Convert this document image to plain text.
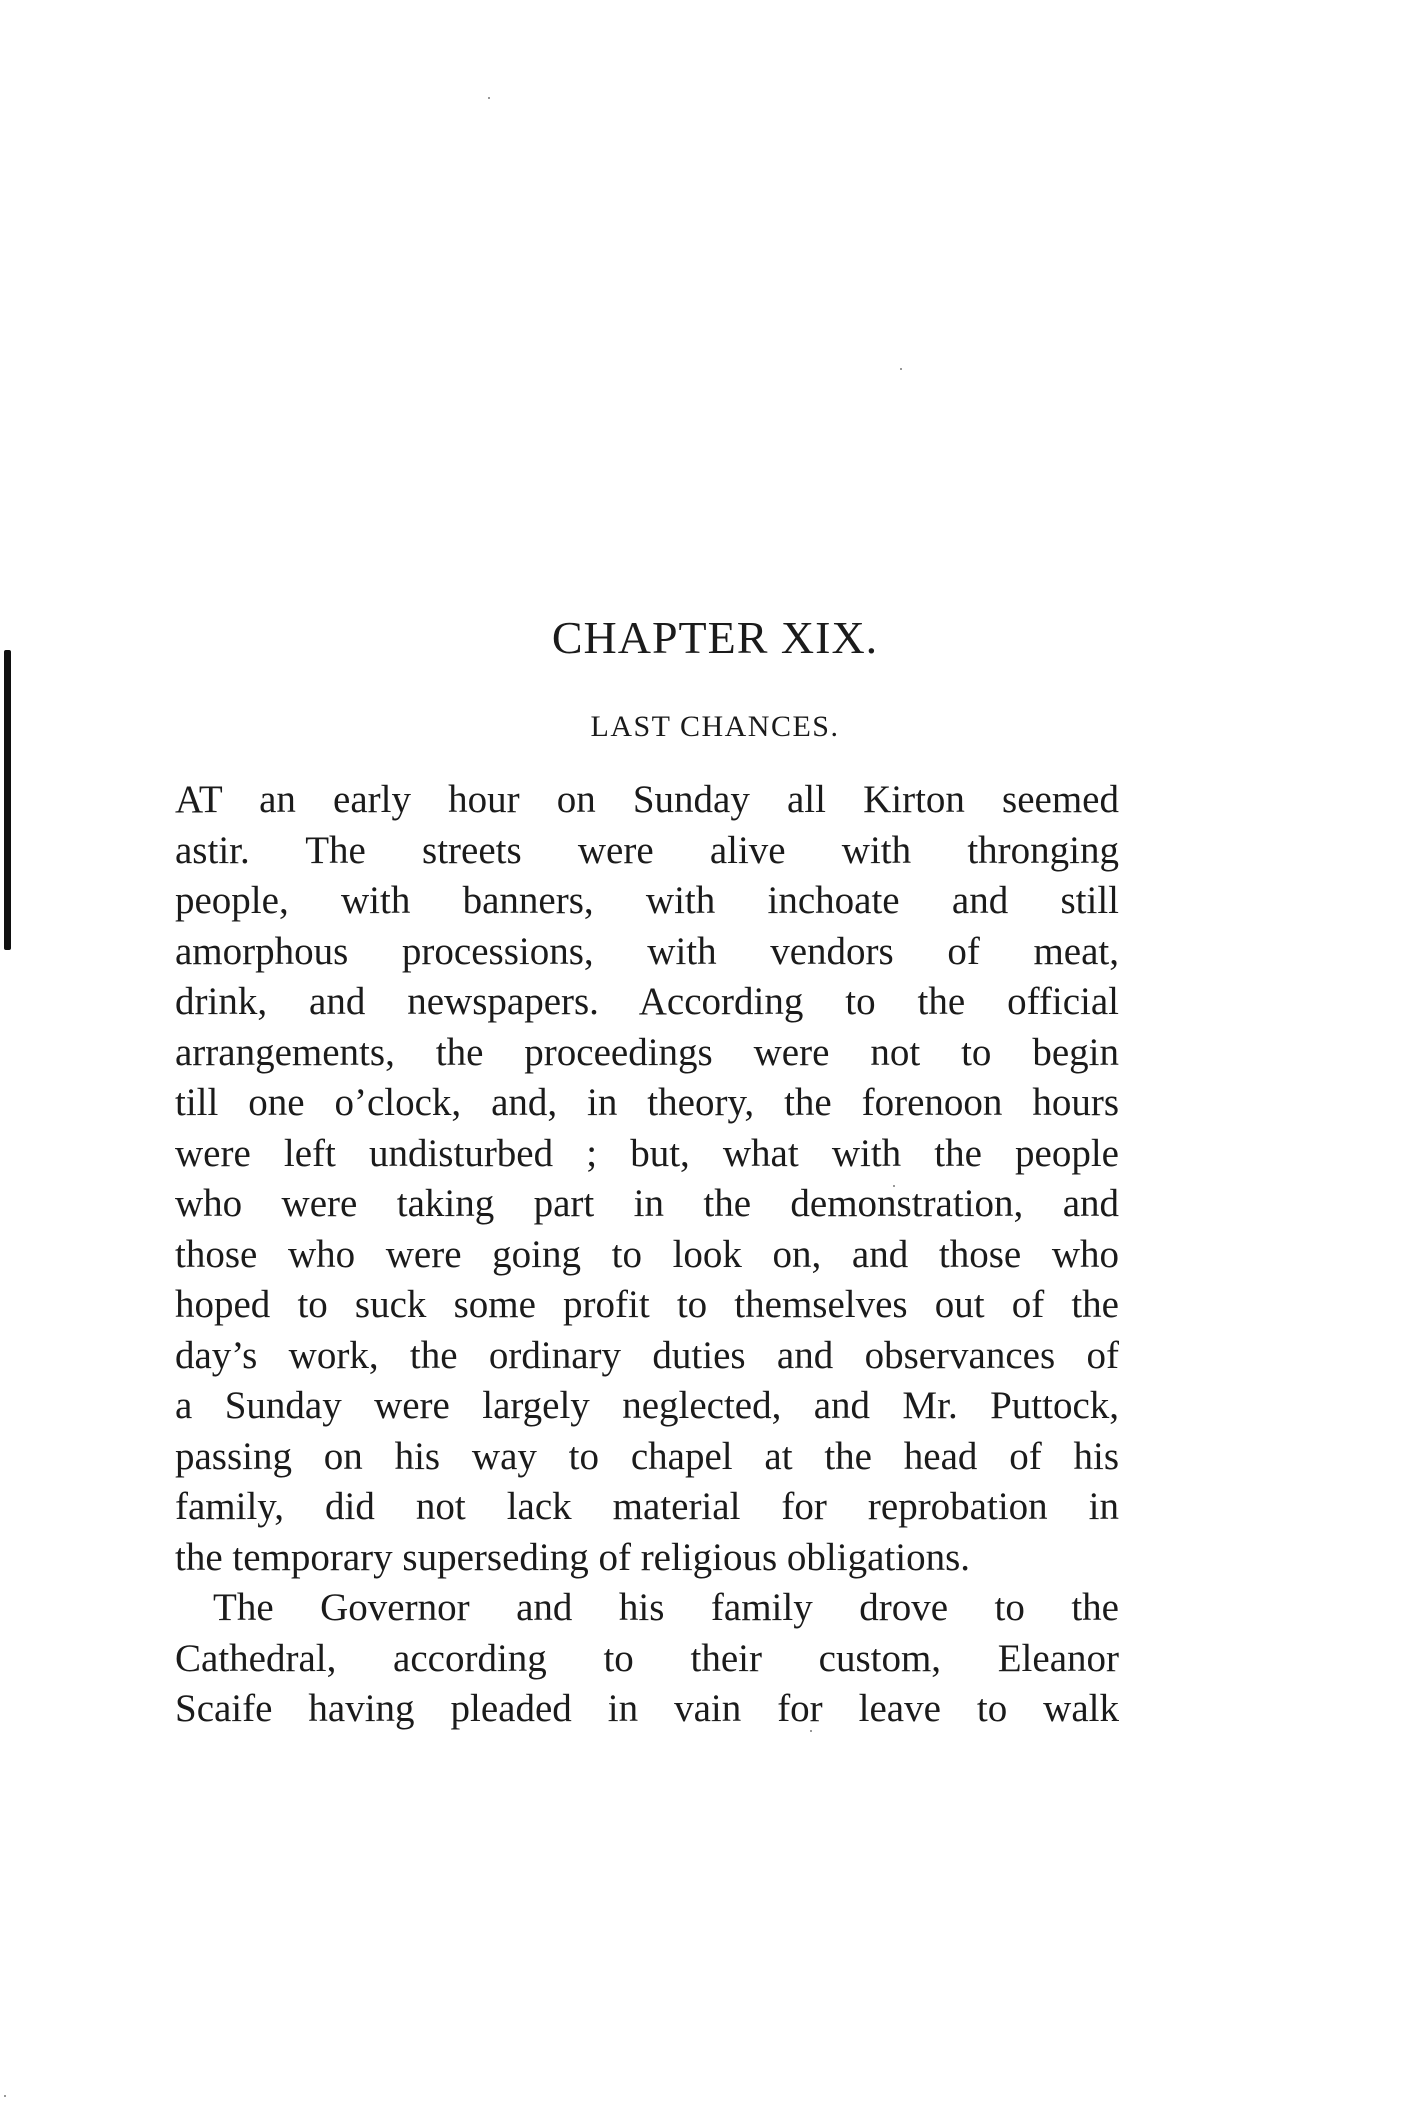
CHAPTER XIX.
LAST CHANCES.
AT an early hour on Sunday all Kirton seemed
astir. The streets were alive with thronging
people, with banners, with inchoate and still
amorphous processions, with vendors of meat,
drink, and newspapers. According to the official
arrangements, the proceedings were not to begin
till one o’clock, and, in theory, the forenoon hours
were left undisturbed ; but, what with the people
who were taking part in the demonstration, and
those who were going to look on, and those who
hoped to suck some profit to themselves out of the
day’s work, the ordinary duties and observances of
a Sunday were largely neglected, and Mr. Puttock,
passing on his way to chapel at the head of his
family, did not lack material for reprobation in
the temporary superseding of religious obligations.
The Governor and his family drove to the
Cathedral, according to their custom, Eleanor
Scaife having pleaded in vain for leave to walk
